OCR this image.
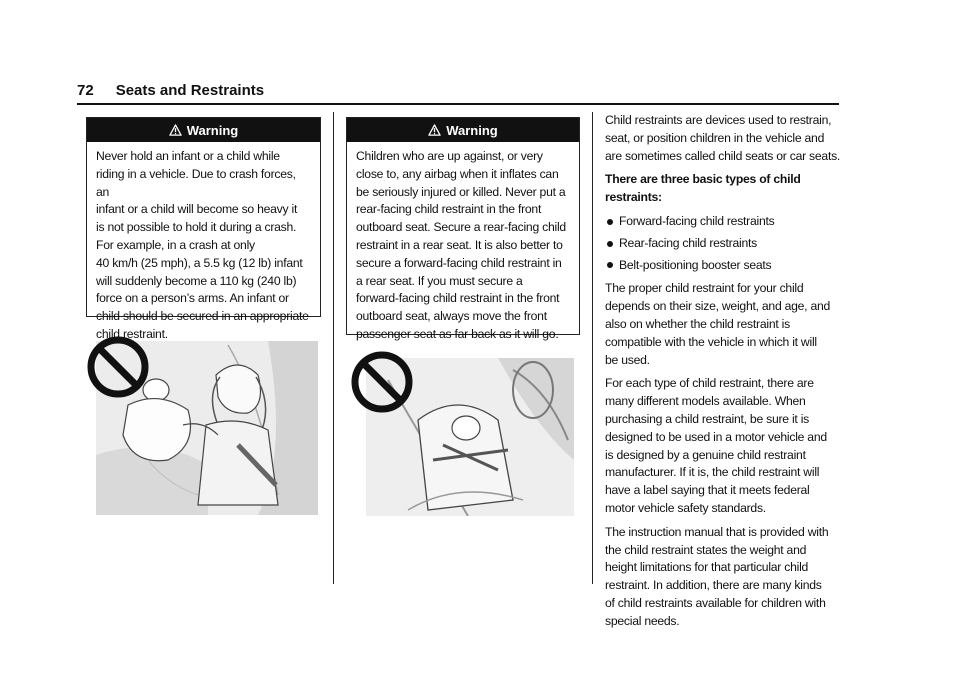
72 Seats and Restraints
Warning
Never hold an infant or a child while
riding in a vehicle. Due to crash forces, an
infant or a child will become so heavy it
is not possible to hold it during a crash.
For example, in a crash at only
40 km/h (25 mph), a 5.5 kg (12 lb) infant
will suddenly become a 110 kg (240 lb)
force on a person’s arms. An infant or
child should be secured in an appropriate
child restraint.
Warning
Children who are up against, or very
close to, any airbag when it inflates can
be seriously injured or killed. Never put a
rear-facing child restraint in the front
outboard seat. Secure a rear-facing child
restraint in a rear seat. It is also better to
secure a forward-facing child restraint in
a rear seat. If you must secure a
forward-facing child restraint in the front
outboard seat, always move the front
passenger seat as far back as it will go.

Child restraints are devices used to restrain,
seat, or position children in the vehicle and
are sometimes called child seats or car seats.

There are three basic types of child
restraints:

Forward-facing child restraints
Rear-facing child restraints
Belt-positioning booster seats

The proper child restraint for your child
depends on their size, weight, and age, and
also on whether the child restraint is
compatible with the vehicle in which it will
be used.

For each type of child restraint, there are
many different models available. When
purchasing a child restraint, be sure it is
designed to be used in a motor vehicle and
is designed by a genuine child restraint
manufacturer. If it is, the child restraint will
have a label saying that it meets federal
motor vehicle safety standards.

The instruction manual that is provided with
the child restraint states the weight and
height limitations for that particular child
restraint. In addition, there are many kinds
of child restraints available for children with
special needs.
